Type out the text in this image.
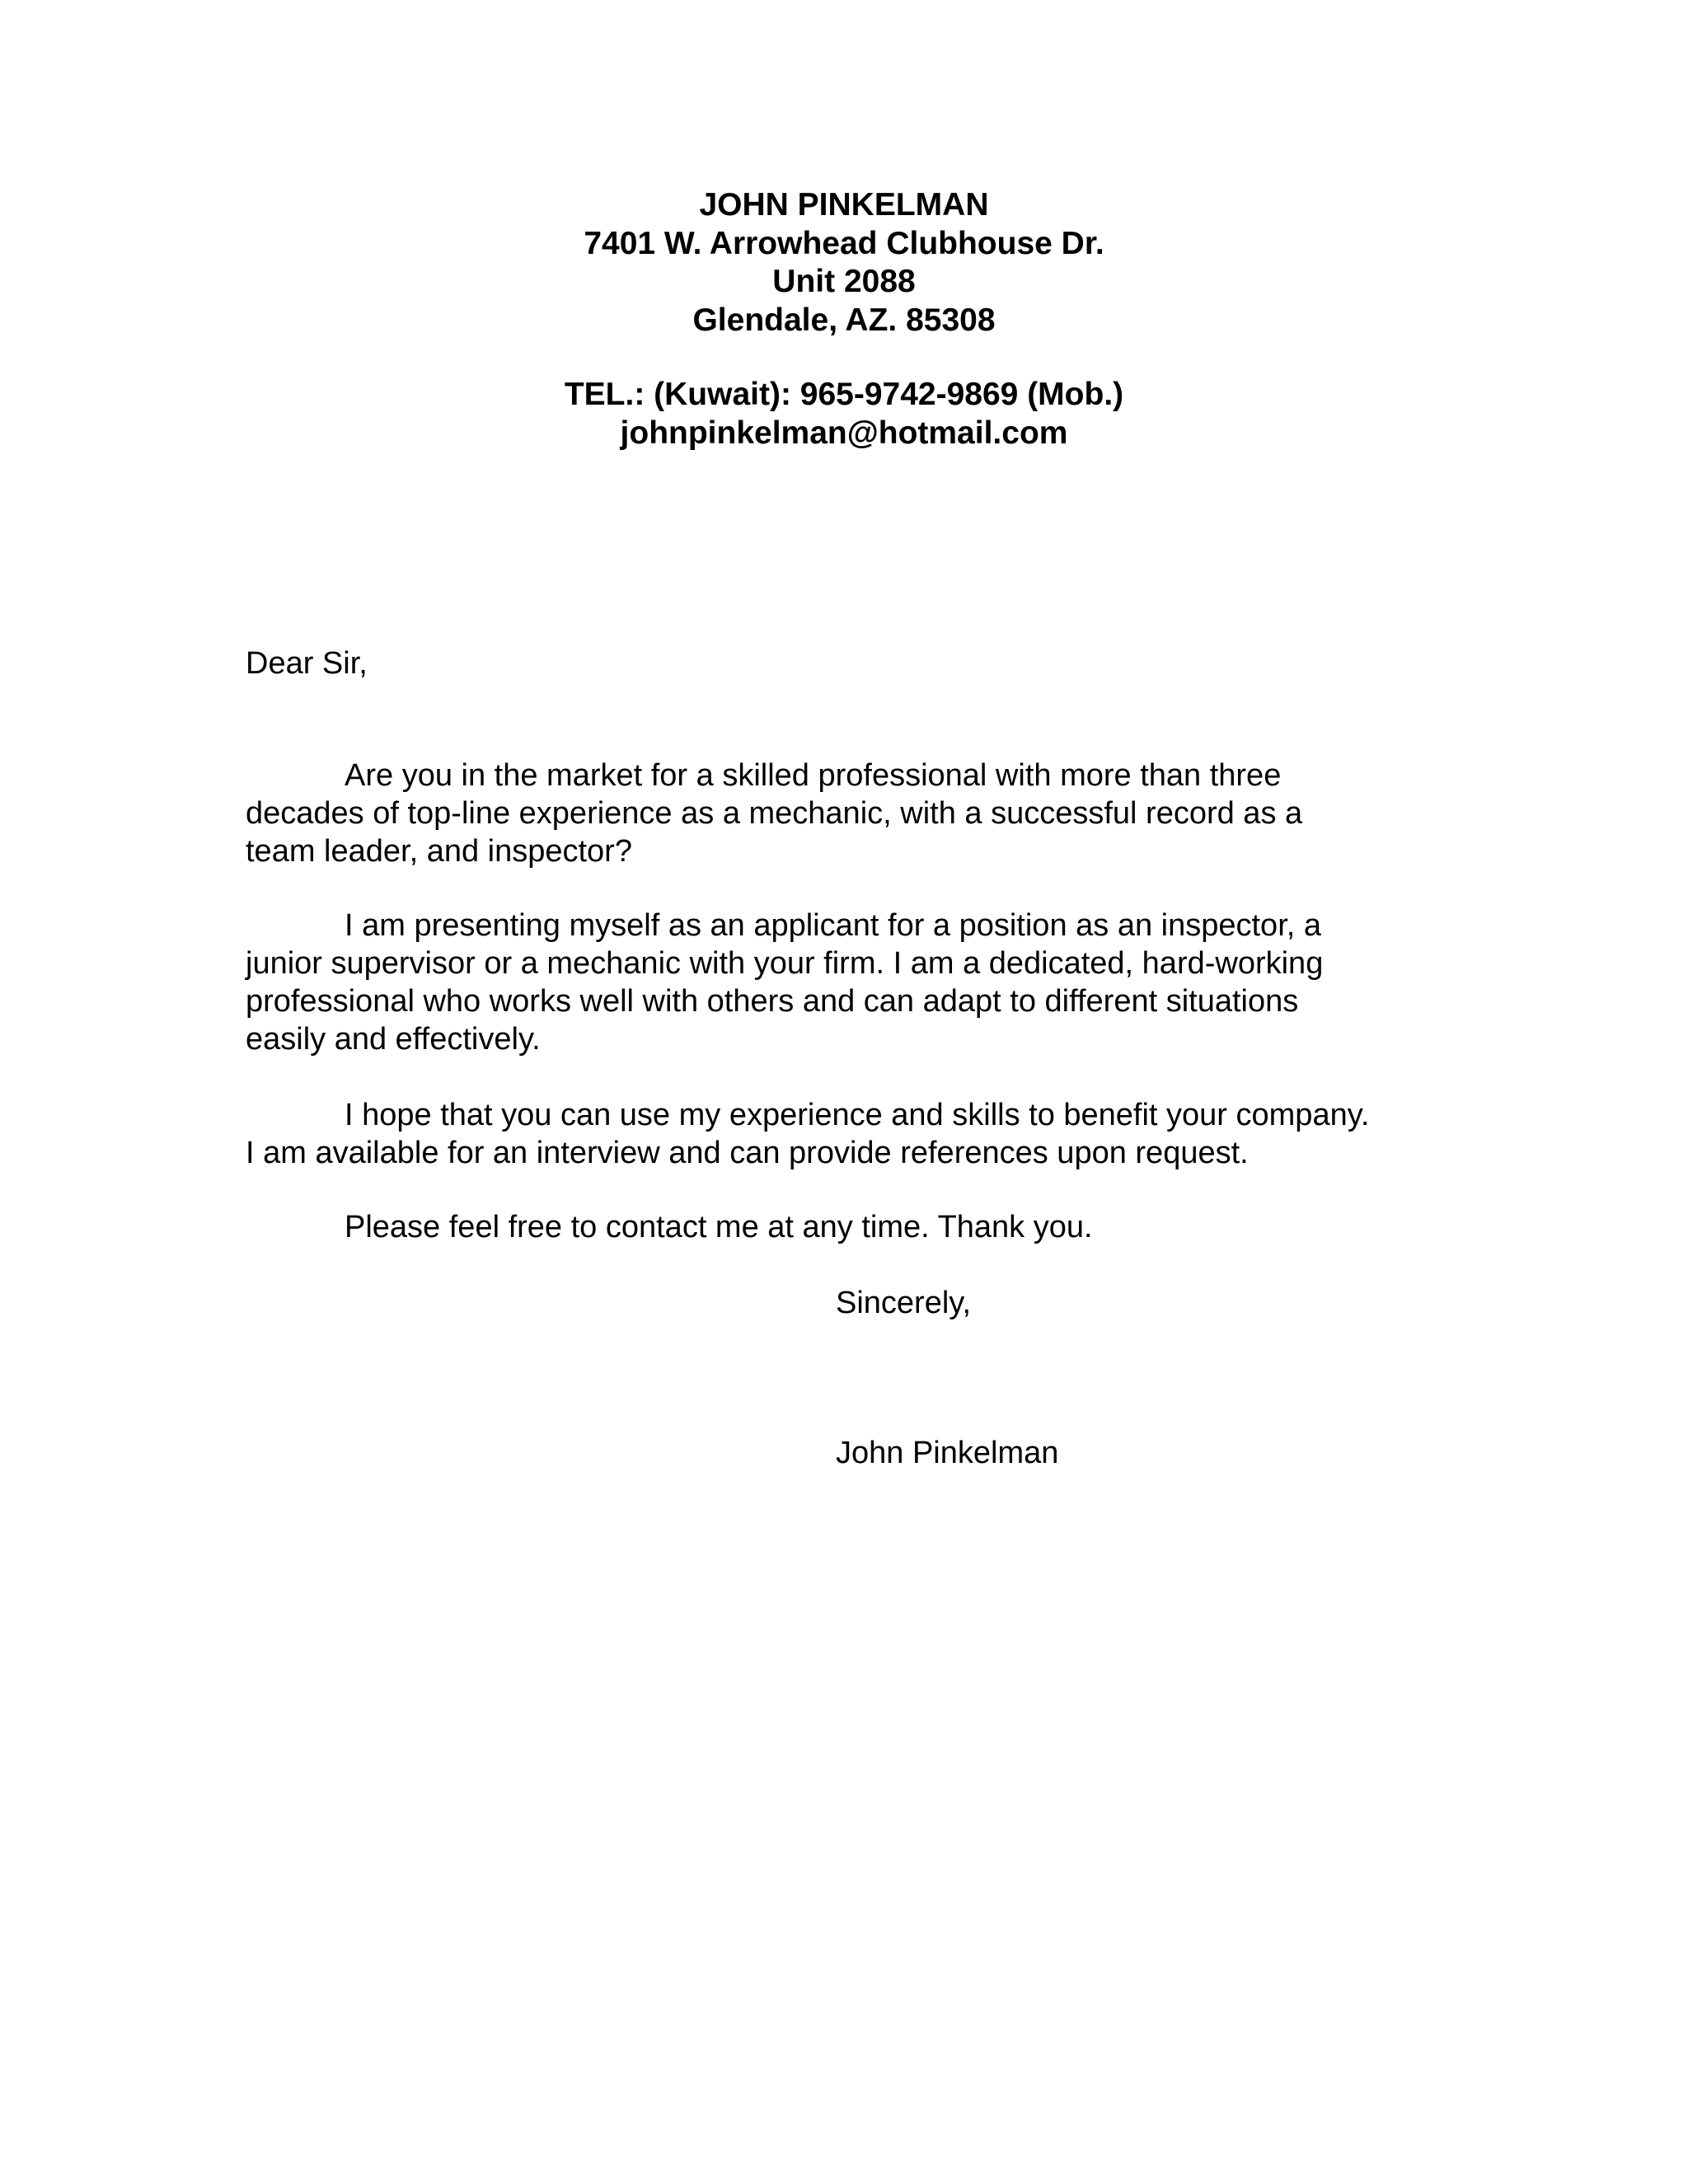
JOHN PINKELMAN
7401 W. Arrowhead Clubhouse Dr.
Unit 2088
Glendale, AZ. 85308
TEL.: (Kuwait): 965-9742-9869 (Mob.)
johnpinkelman@hotmail.com
Dear Sir,
Are you in the market for a skilled professional with more than three
decades of top-line experience as a mechanic, with a successful record as a
team leader, and inspector?
I am presenting myself as an applicant for a position as an inspector, a
junior supervisor or a mechanic with your firm. I am a dedicated, hard-working
professional who works well with others and can adapt to different situations
easily and effectively.
I hope that you can use my experience and skills to benefit your company.
I am available for an interview and can provide references upon request.
Please feel free to contact me at any time. Thank you.
Sincerely,
John Pinkelman
